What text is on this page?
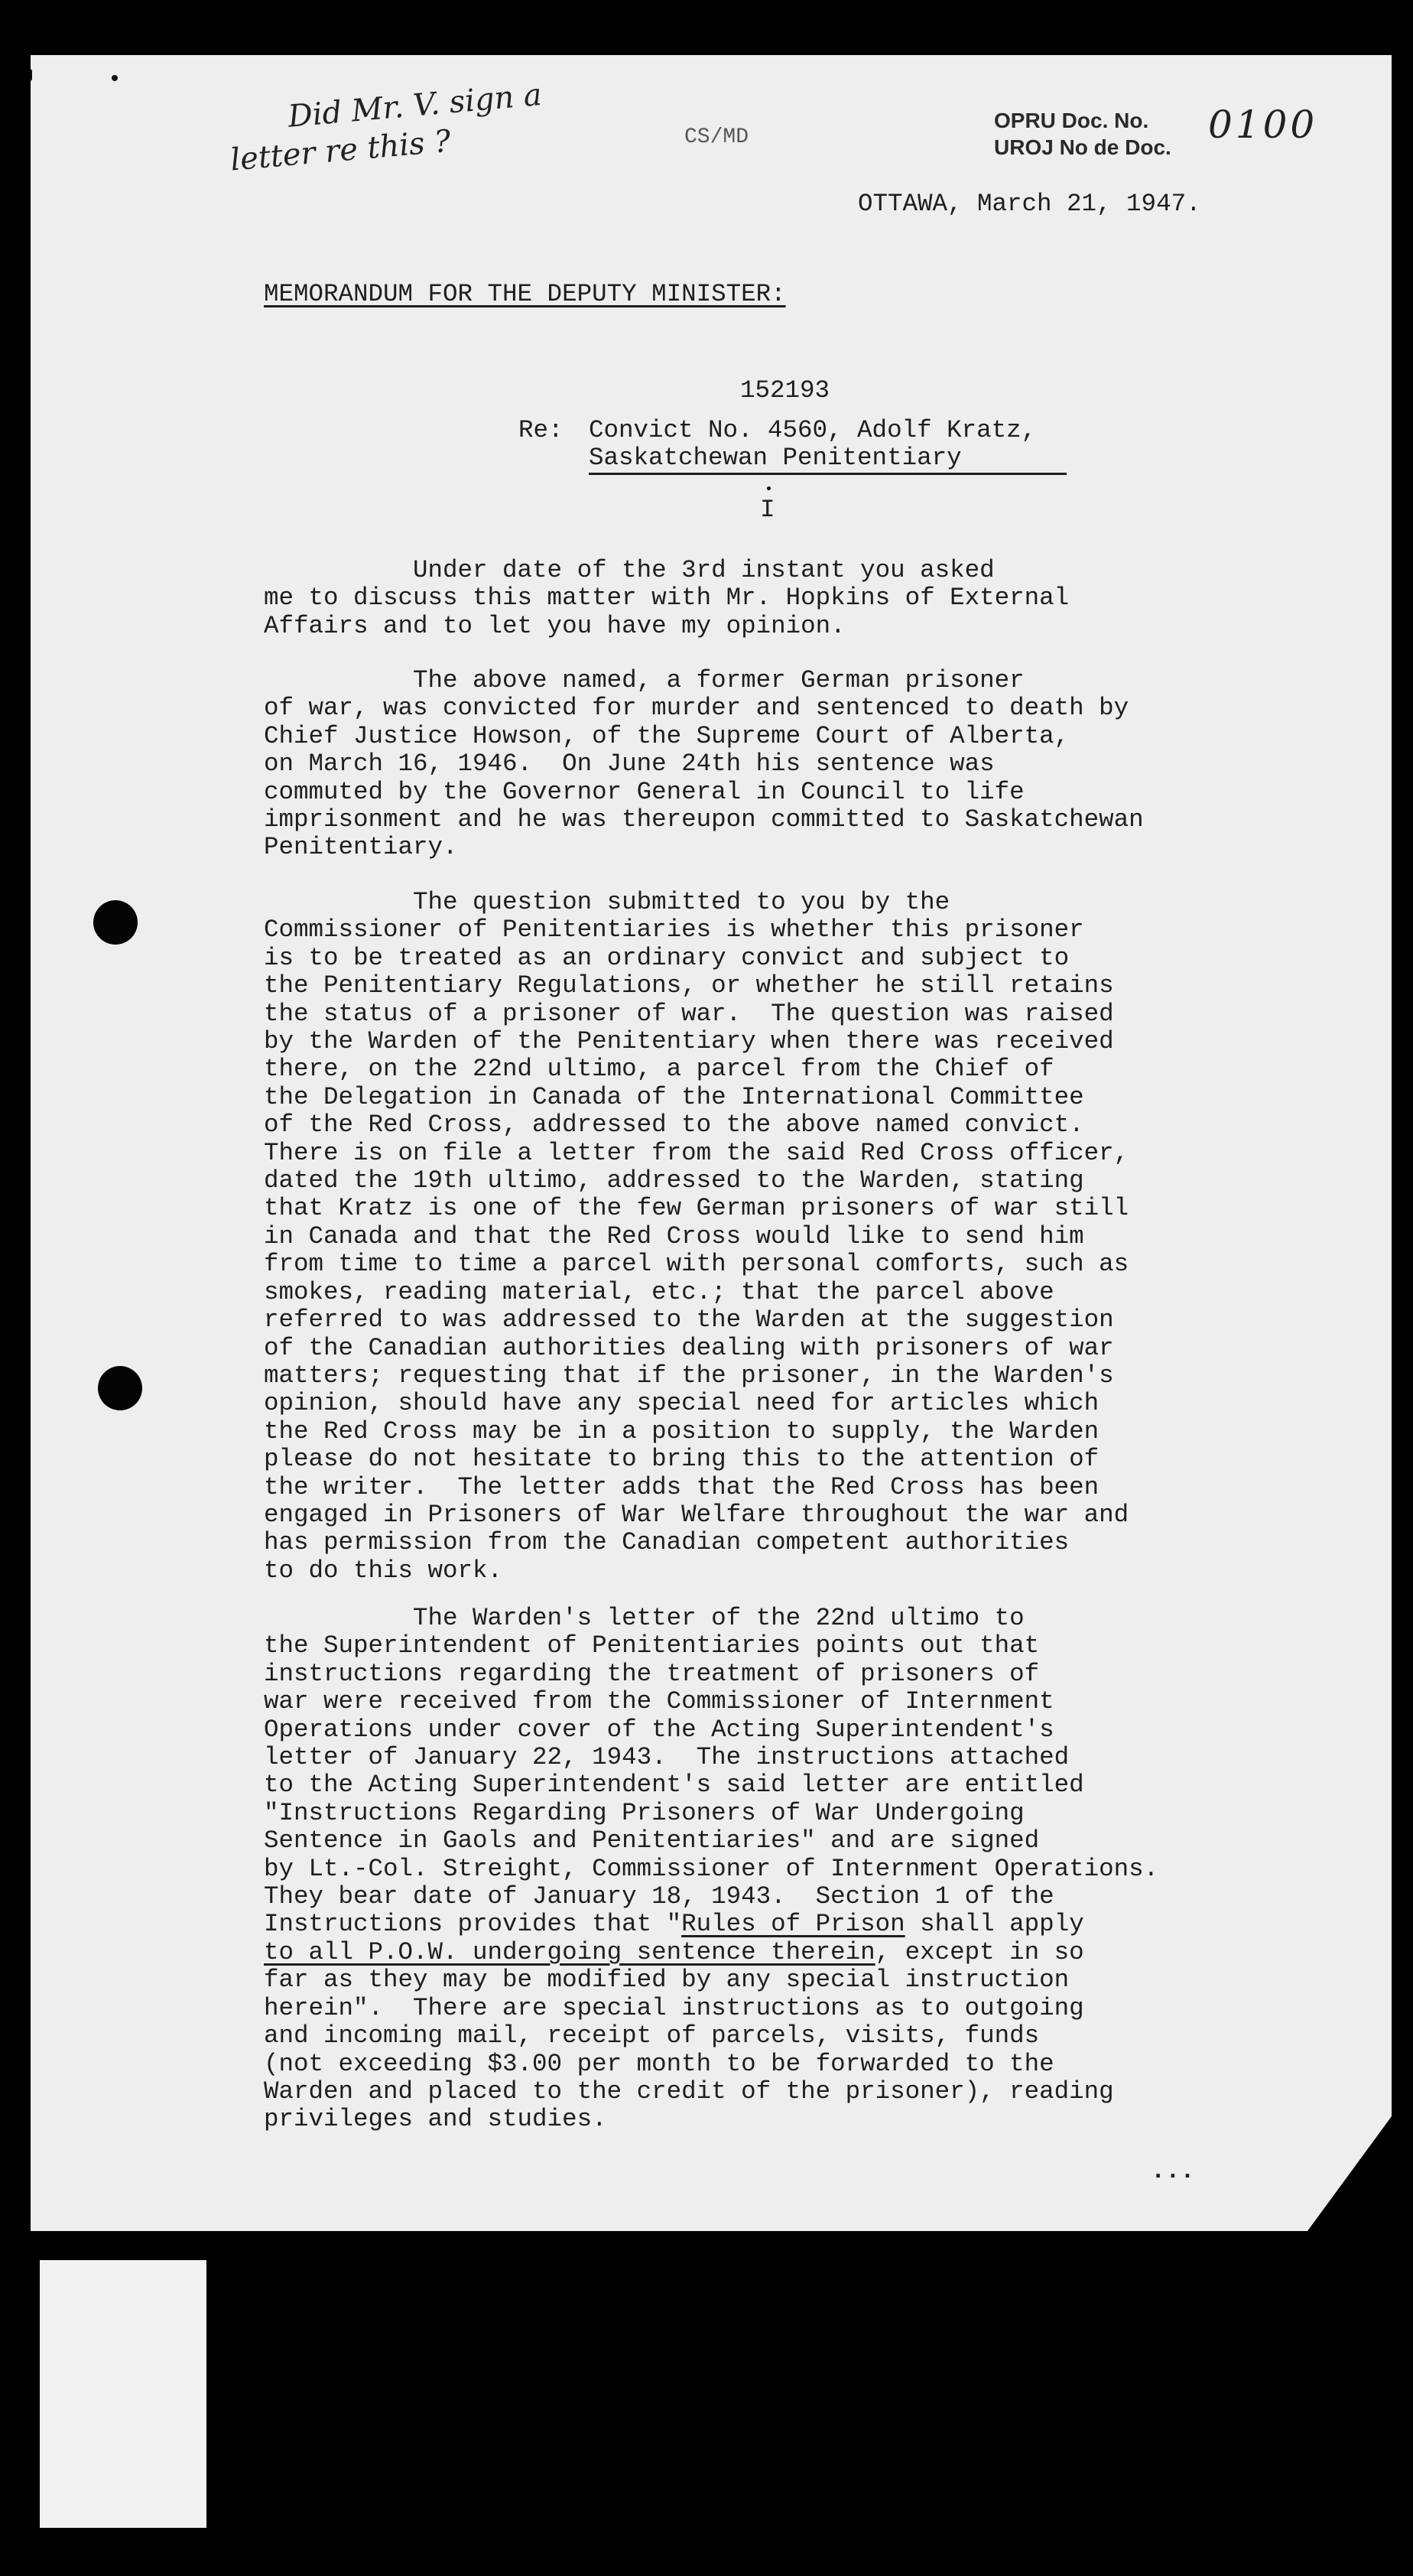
Did Mr. V. sign a
letter re this ?	CS/MD
OPRU Doc. No.
UROJ No de Doc.
0100
OTTAWA, March 21, 1947.
MEMORANDUM FOR THE DEPUTY MINISTER:
152193
Re: Convict No. 4560, Adolf Kratz,
Saskatchewan Penitentiary
I
Under date of the 3rd instant you asked
me to discuss this matter with Mr. Hopkins of External
Affairs and to let you have my opinion.
The above named, a former German prisoner
of war, was convicted for murder and sentenced to death by
Chief Justice Howson, of the Supreme Court of Alberta,
on March 16, 1946.  On June 24th his sentence was
commuted by the Governor General in Council to life
imprisonment and he was thereupon committed to Saskatchewan
Penitentiary.
The question submitted to you by the
Commissioner of Penitentiaries is whether this prisoner
is to be treated as an ordinary convict and subject to
the Penitentiary Regulations, or whether he still retains
the status of a prisoner of war.  The question was raised
by the Warden of the Penitentiary when there was received
there, on the 22nd ultimo, a parcel from the Chief of
the Delegation in Canada of the International Committee
of the Red Cross, addressed to the above named convict.
There is on file a letter from the said Red Cross officer,
dated the 19th ultimo, addressed to the Warden, stating
that Kratz is one of the few German prisoners of war still
in Canada and that the Red Cross would like to send him
from time to time a parcel with personal comforts, such as
smokes, reading material, etc.; that the parcel above
referred to was addressed to the Warden at the suggestion
of the Canadian authorities dealing with prisoners of war
matters; requesting that if the prisoner, in the Warden's
opinion, should have any special need for articles which
the Red Cross may be in a position to supply, the Warden
please do not hesitate to bring this to the attention of
the writer.  The letter adds that the Red Cross has been
engaged in Prisoners of War Welfare throughout the war and
has permission from the Canadian competent authorities
to do this work.
The Warden's letter of the 22nd ultimo to
the Superintendent of Penitentiaries points out that
instructions regarding the treatment of prisoners of
war were received from the Commissioner of Internment
Operations under cover of the Acting Superintendent's
letter of January 22, 1943.  The instructions attached
to the Acting Superintendent's said letter are entitled
"Instructions Regarding Prisoners of War Undergoing
Sentence in Gaols and Penitentiaries" and are signed
by Lt.-Col. Streight, Commissioner of Internment Operations.
They bear date of January 18, 1943.  Section 1 of the
Instructions provides that "Rules of Prison shall apply
to all P.O.W. undergoing sentence therein, except in so
far as they may be modified by any special instruction
herein".  There are special instructions as to outgoing
and incoming mail, receipt of parcels, visits, funds
(not exceeding $3.00 per month to be forwarded to the
Warden and placed to the credit of the prisoner), reading
privileges and studies.
...
